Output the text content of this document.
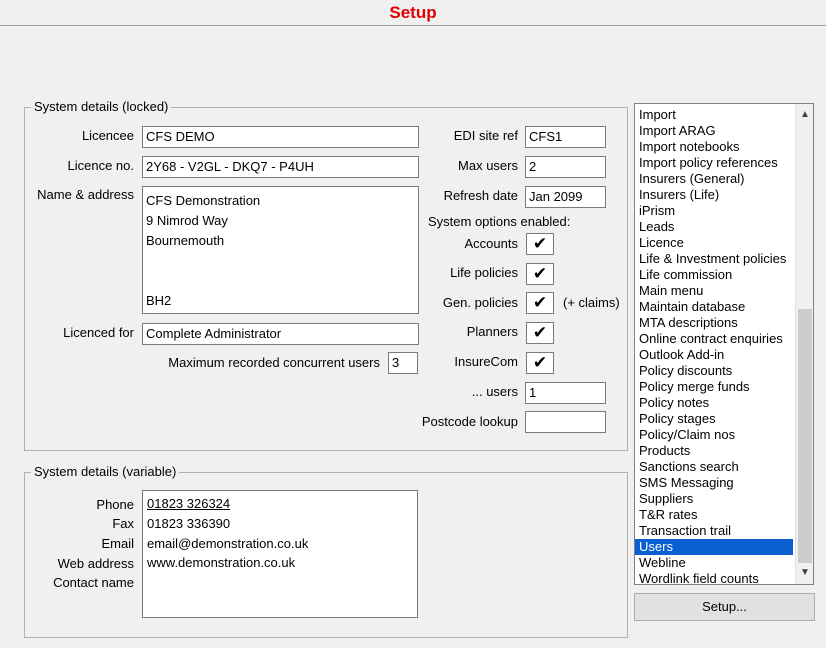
Setup
System details (locked)
Licencee CFS DEMO
Licence no. 2Y68 - V2GL - DKQ7 - P4UH
Name & address CFS Demonstration
9 Nimrod Way
Bournemouth
BH2
Licenced for Complete Administrator
Maximum recorded concurrent users 3
EDI site ref CFS1
Max users 2
Refresh date Jan 2099
System options enabled:
Accounts ✔
Life policies ✔
Gen. policies ✔	(+ claims)
Planners ✔
InsureCom ✔
... users 1
Postcode lookup
System details (variable)
Phone
Fax
Email
Web address
Contact name
01823 326324
01823 336390
email@demonstration.co.uk
www.demonstration.co.uk
Import
Import ARAG
Import notebooks
Import policy references
Insurers (General)
Insurers (Life)
iPrism
Leads
Licence
Life & Investment policies
Life commission
Main menu
Maintain database
MTA descriptions
Online contract enquiries
Outlook Add-in
Policy discounts
Policy merge funds
Policy notes
Policy stages
Policy/Claim nos
Products
Sanctions search
SMS Messaging
Suppliers
T&R rates
Transaction trail
Users
Webline
Wordlink field counts
▲
▼
Setup...
